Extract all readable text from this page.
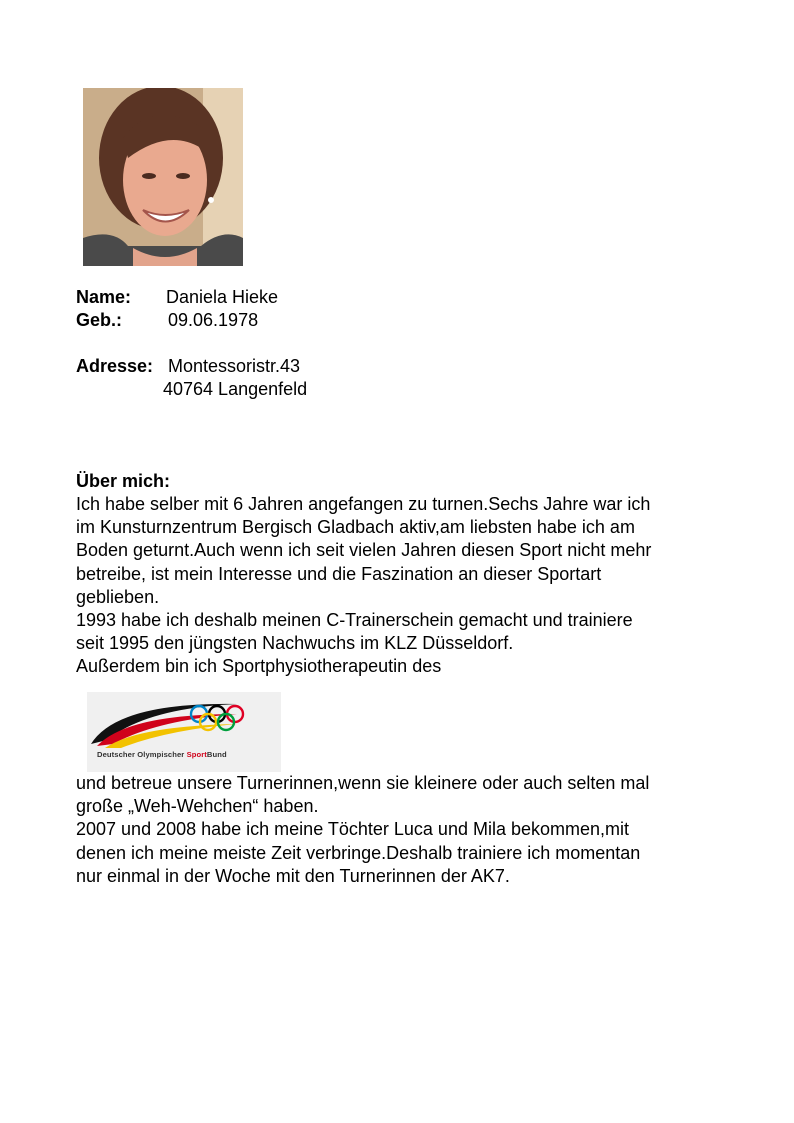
Name: Daniela Hieke
Geb.:	09.06.1978
Adresse: Montessoristr.43
40764 Langenfeld
Über mich:
Ich habe selber mit 6 Jahren angefangen zu turnen.Sechs Jahre war ich
im Kunsturnzentrum Bergisch Gladbach aktiv,am liebsten habe ich am
Boden geturnt.Auch wenn ich seit vielen Jahren diesen Sport nicht mehr
betreibe, ist mein Interesse und die Faszination an dieser Sportart
geblieben.
1993 habe ich deshalb meinen C-Trainerschein gemacht und trainiere
seit 1995 den jüngsten Nachwuchs im KLZ Düsseldorf.
Außerdem bin ich Sportphysiotherapeutin des
Deutscher Olympischer SportBund
und betreue unsere Turnerinnen,wenn sie kleinere oder auch selten mal
große „Weh-Wehchen“ haben.
2007 und 2008 habe ich meine Töchter Luca und Mila bekommen,mit
denen ich meine meiste Zeit verbringe.Deshalb trainiere ich momentan
nur einmal in der Woche mit den Turnerinnen der AK7.
